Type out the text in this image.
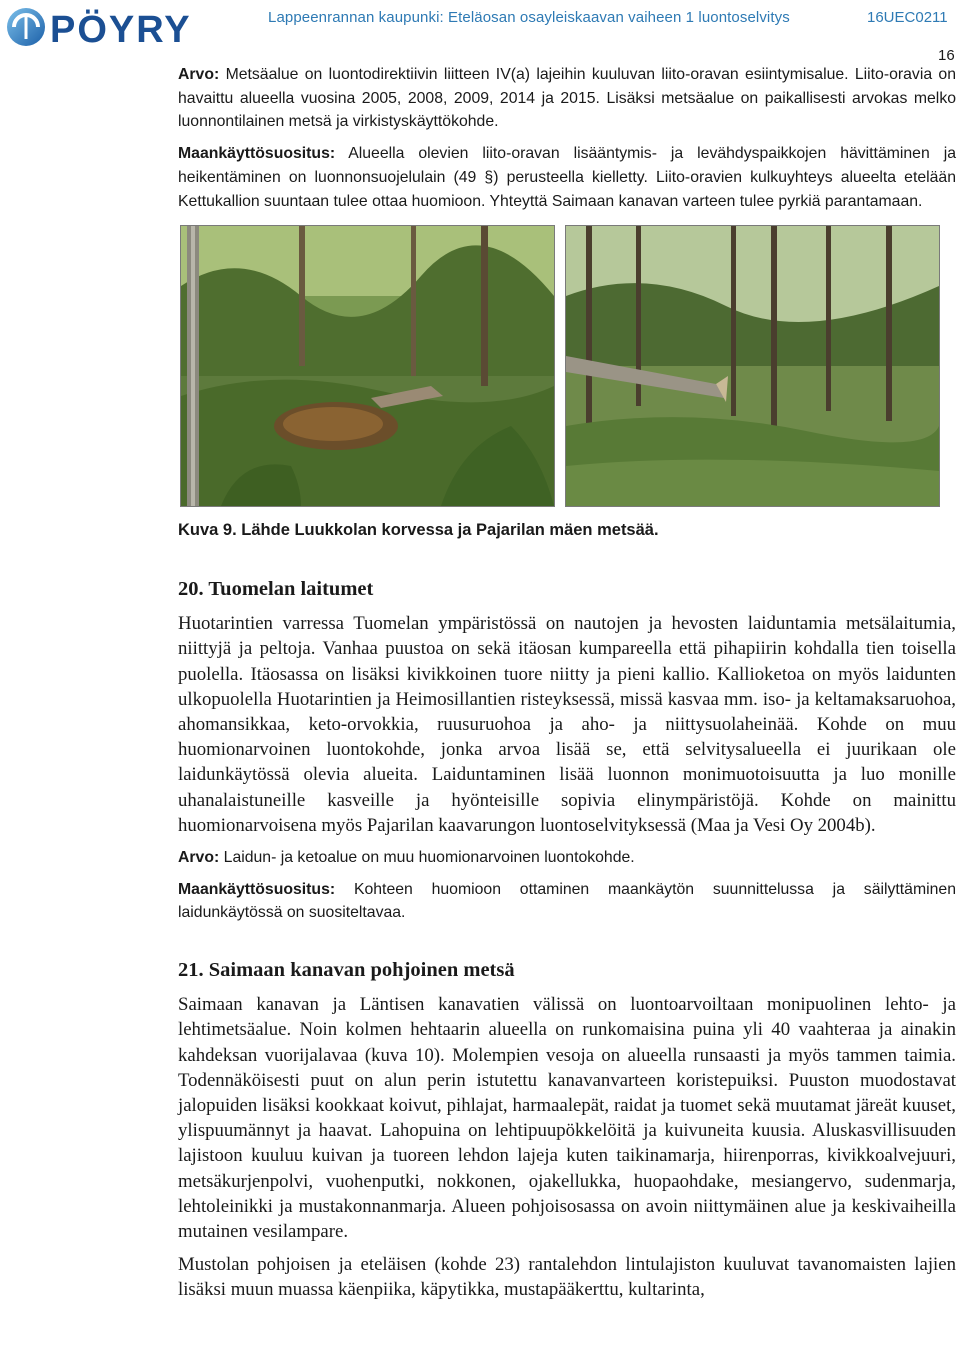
PÖYRY	Lappeenrannan kaupunki: Eteläosan osayleiskaavan vaiheen 1 luontoselvitys	16UEC0211
16

Arvo: Metsäalue on luontodirektiivin liitteen IV(a) lajeihin kuuluvan liito-oravan esiintymisalue. Liito-oravia on havaittu alueella vuosina 2005, 2008, 2009, 2014 ja 2015. Lisäksi metsäalue on paikallisesti arvokas melko luonnontilainen metsä ja virkistyskäyttökohde.

Maankäyttösuositus: Alueella olevien liito-oravan lisääntymis- ja levähdyspaikkojen hävittäminen ja heikentäminen on luonnonsuojelulain (49 §) perusteella kielletty. Liito-oravien kulkuyhteys alueelta etelään Kettukallion suuntaan tulee ottaa huomioon. Yhteyttä Saimaan kanavan varteen tulee pyrkiä parantamaan.

Kuva 9. Lähde Luukkolan korvessa ja Pajarilan mäen metsää.

20. Tuomelan laitumet

Huotarintien varressa Tuomelan ympäristössä on nautojen ja hevosten laiduntamia metsälaitumia, niittyjä ja peltoja. Vanhaa puustoa on sekä itäosan kumpareella että pihapiirin kohdalla tien toisella puolella. Itäosassa on lisäksi kivikkoinen tuore niitty ja pieni kallio. Kallioketoa on myös laidunten ulkopuolella Huotarintien ja Heimosillantien risteyksessä, missä kasvaa mm. iso- ja keltamaksaruohoa, ahomansikkaa, keto-orvokkia, ruusuruohoa ja aho- ja niittysuolaheinää. Kohde on muu huomionarvoinen luontokohde, jonka arvoa lisää se, että selvitysalueella ei juurikaan ole laidunkäytössä olevia alueita. Laiduntaminen lisää luonnon monimuotoisuutta ja luo monille uhanalaistuneille kasveille ja hyönteisille sopivia elinympäristöjä. Kohde on mainittu huomionarvoisena myös Pajarilan kaavarungon luontoselvityksessä (Maa ja Vesi Oy 2004b).

Arvo: Laidun- ja ketoalue on muu huomionarvoinen luontokohde.

Maankäyttösuositus: Kohteen huomioon ottaminen maankäytön suunnittelussa ja säilyttäminen laidunkäytössä on suositeltavaa.

21. Saimaan kanavan pohjoinen metsä

Saimaan kanavan ja Läntisen kanavatien välissä on luontoarvoiltaan monipuolinen lehto- ja lehtimetsäalue. Noin kolmen hehtaarin alueella on runkomaisina puina yli 40 vaahteraa ja ainakin kahdeksan vuorijalavaa (kuva 10). Molempien vesoja on alueella runsaasti ja myös tammen taimia. Todennäköisesti puut on alun perin istutettu kanavanvarteen koristepuiksi. Puuston muodostavat jalopuiden lisäksi kookkaat koivut, pihlajat, harmaalepät, raidat ja tuomet sekä muutamat järeät kuuset, ylispuumännyt ja haavat. Lahopuina on lehtipuupökkelöitä ja kuivuneita kuusia. Aluskasvillisuuden lajistoon kuuluu kuivan ja tuoreen lehdon lajeja kuten taikinamarja, hiirenporras, kivikkoalvejuuri, metsäkurjenpolvi, vuohenputki, nokkonen, ojakellukka, huopaohdake, mesiangervo, sudenmarja, lehtoleinikki ja mustakonnanmarja. Alueen pohjoisosassa on avoin niittymäinen alue ja keskivaiheilla mutainen vesilampare.

Mustolan pohjoisen ja eteläisen (kohde 23) rantalehdon lintulajiston kuuluvat tavanomaisten lajien lisäksi muun muassa käenpiika, käpytikka, mustapääkerttu, kultarinta,
